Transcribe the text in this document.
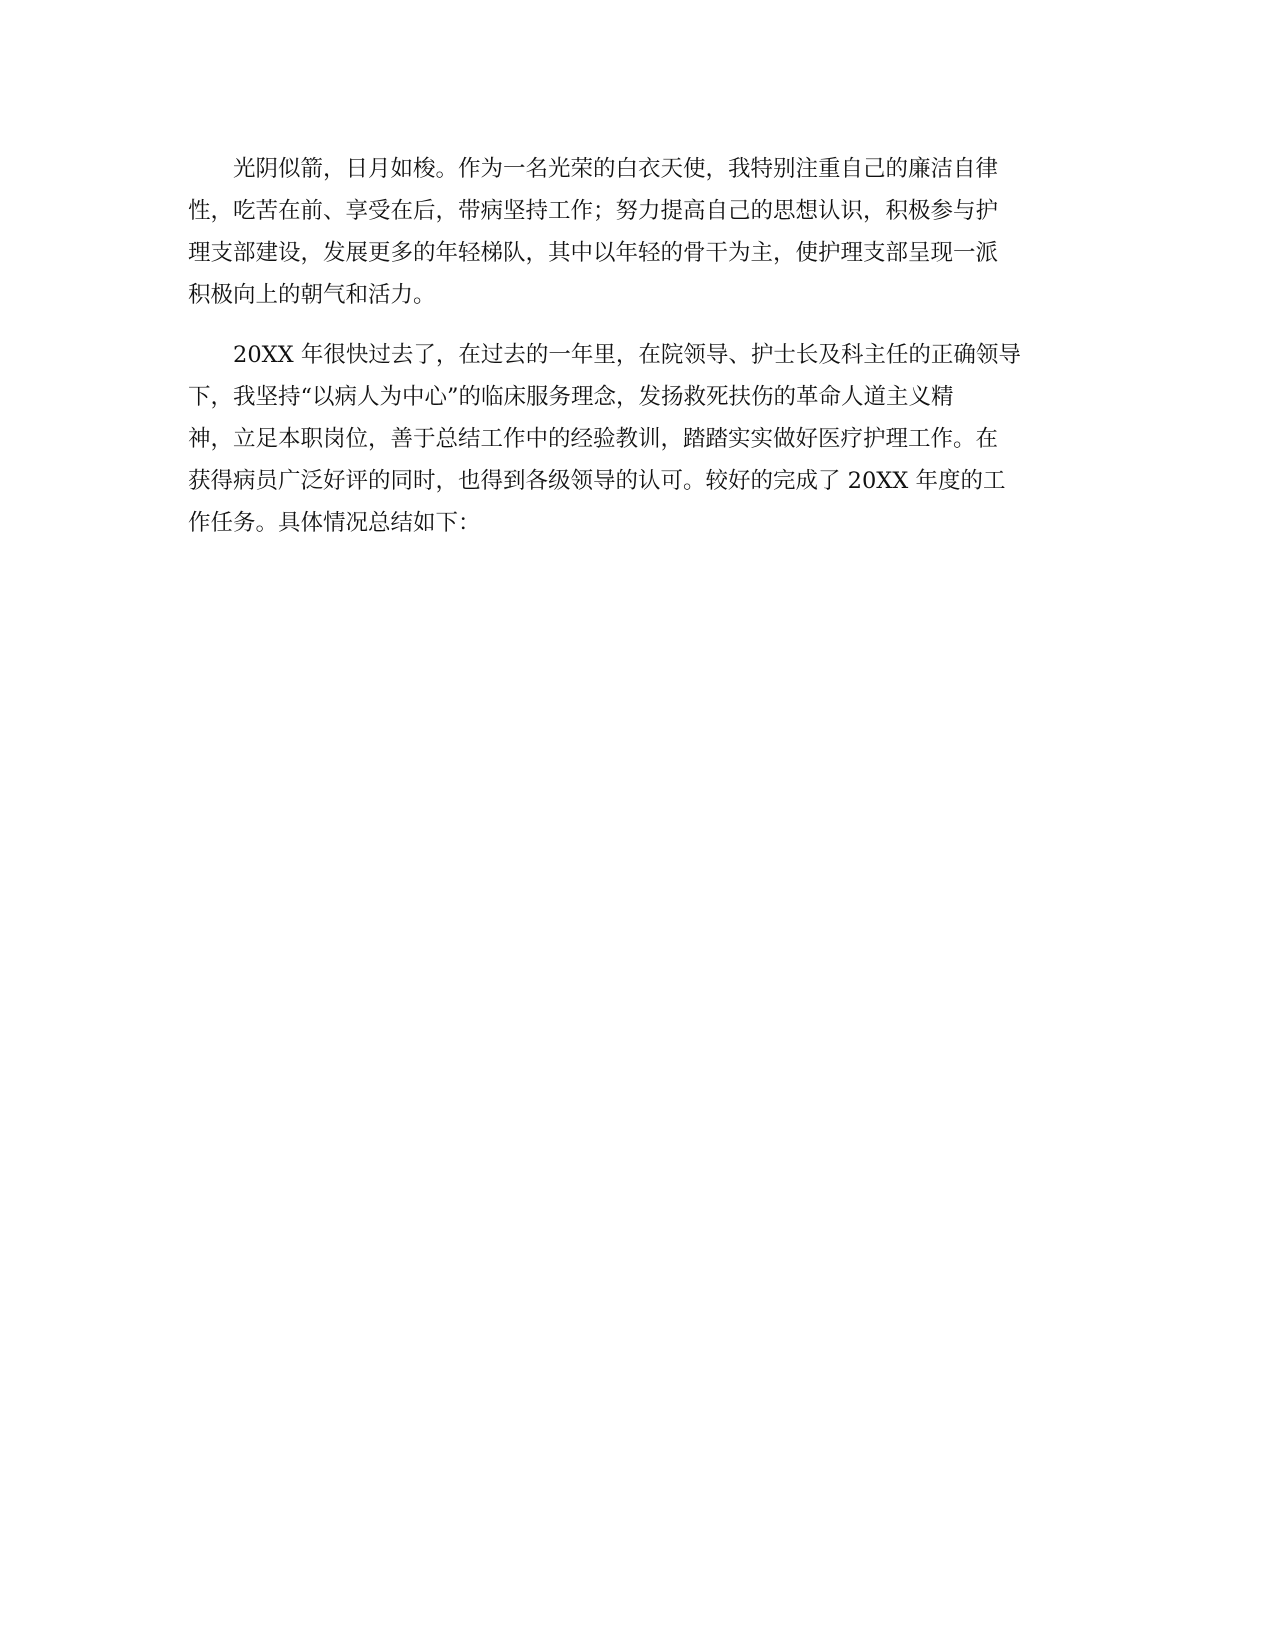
　　光阴似箭，日月如梭。作为一名光荣的白衣天使，我特别注重自己的廉洁自律
性，吃苦在前、享受在后，带病坚持工作；努力提高自己的思想认识，积极参与护
理支部建设，发展更多的年轻梯队，其中以年轻的骨干为主，使护理支部呈现一派
积极向上的朝气和活力。
　　20XX 年很快过去了，在过去的一年里，在院领导、护士长及科主任的正确领导
下，我坚持“以病人为中心”的临床服务理念，发扬救死扶伤的革命人道主义精
神，立足本职岗位，善于总结工作中的经验教训，踏踏实实做好医疗护理工作。在
获得病员广泛好评的同时，也得到各级领导的认可。较好的完成了 20XX 年度的工
作任务。具体情况总结如下：
